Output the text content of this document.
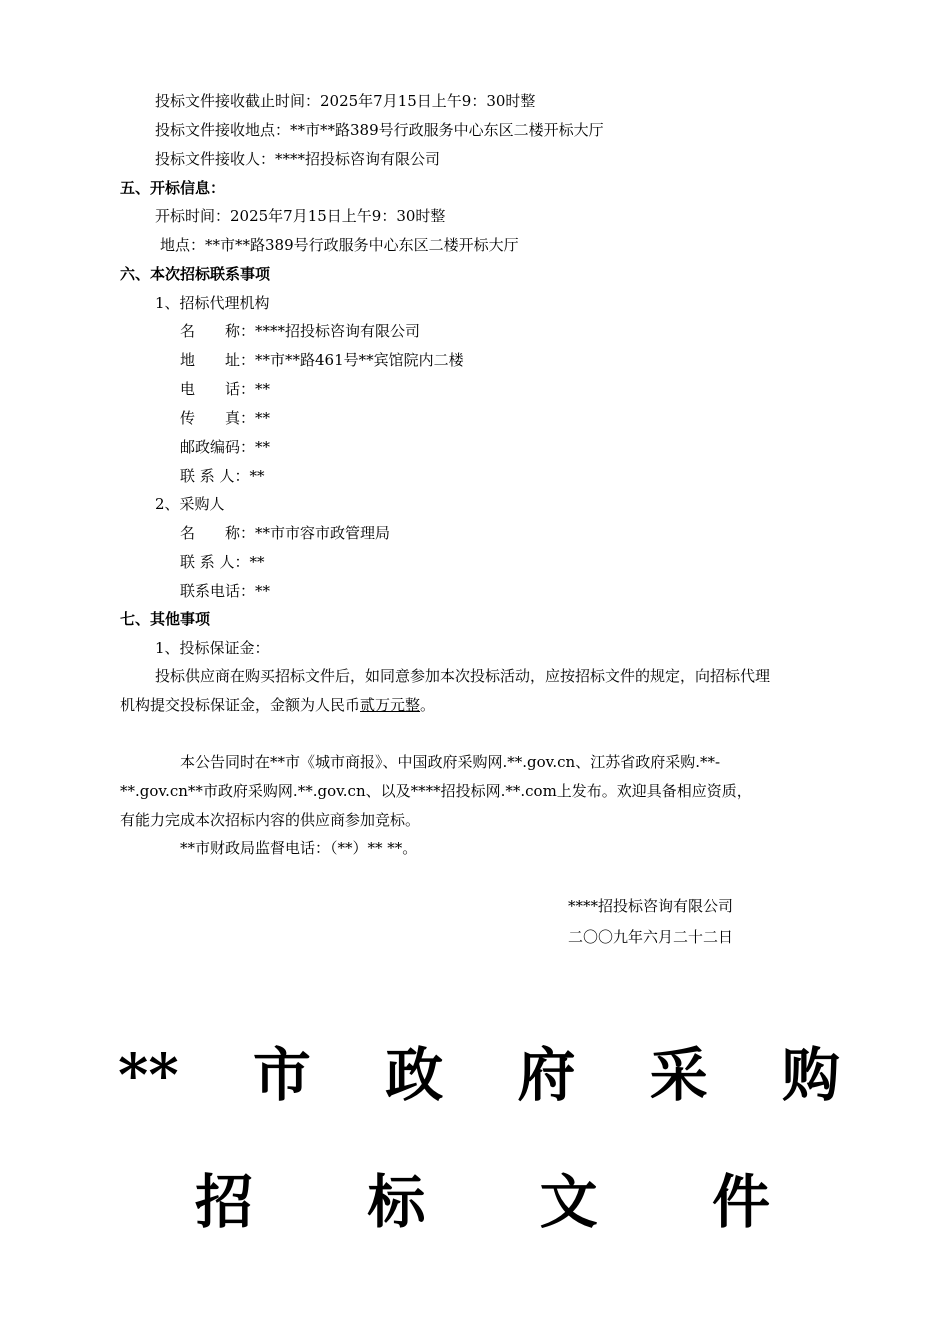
投标文件接收截止时间：2025年7月15日上午9：30时整
投标文件接收地点：**市**路389号行政服务中心东区二楼开标大厅
投标文件接收人：****招投标咨询有限公司
五、开标信息：
开标时间：2025年7月15日上午9：30时整
地点：**市**路389号行政服务中心东区二楼开标大厅
六、本次招标联系事项
1、招标代理机构
名　　称：****招投标咨询有限公司
地　　址：**市**路461号**宾馆院内二楼
电　　话：**
传　　真：**
邮政编码：**
联 系 人：**
2、采购人
名　　称：**市市容市政管理局
联 系 人：**
联系电话：**
七、其他事项
1、投标保证金：
投标供应商在购买招标文件后，如同意参加本次投标活动，应按招标文件的规定，向招标代理
机构提交投标保证金，金额为人民币贰万元整。
本公告同时在**市《城市商报》、中国政府采购网.**.gov.cn、江苏省政府采购.**-
**.gov.cn**市政府采购网.**.gov.cn、以及****招投标网.**.com上发布。欢迎具备相应资质，
有能力完成本次招标内容的供应商参加竞标。
**市财政局监督电话：（**）** **。
****招投标咨询有限公司
二〇〇九年六月二十二日
** 市 政 府 采 购
招 标 文 件
